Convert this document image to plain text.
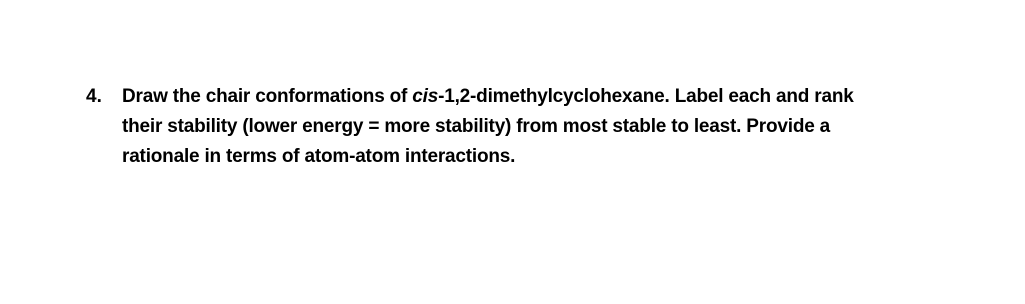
4.	Draw the chair conformations of cis-1,2-dimethylcyclohexane. Label each and rank
their stability (lower energy = more stability) from most stable to least. Provide a
rationale in terms of atom-atom interactions.
